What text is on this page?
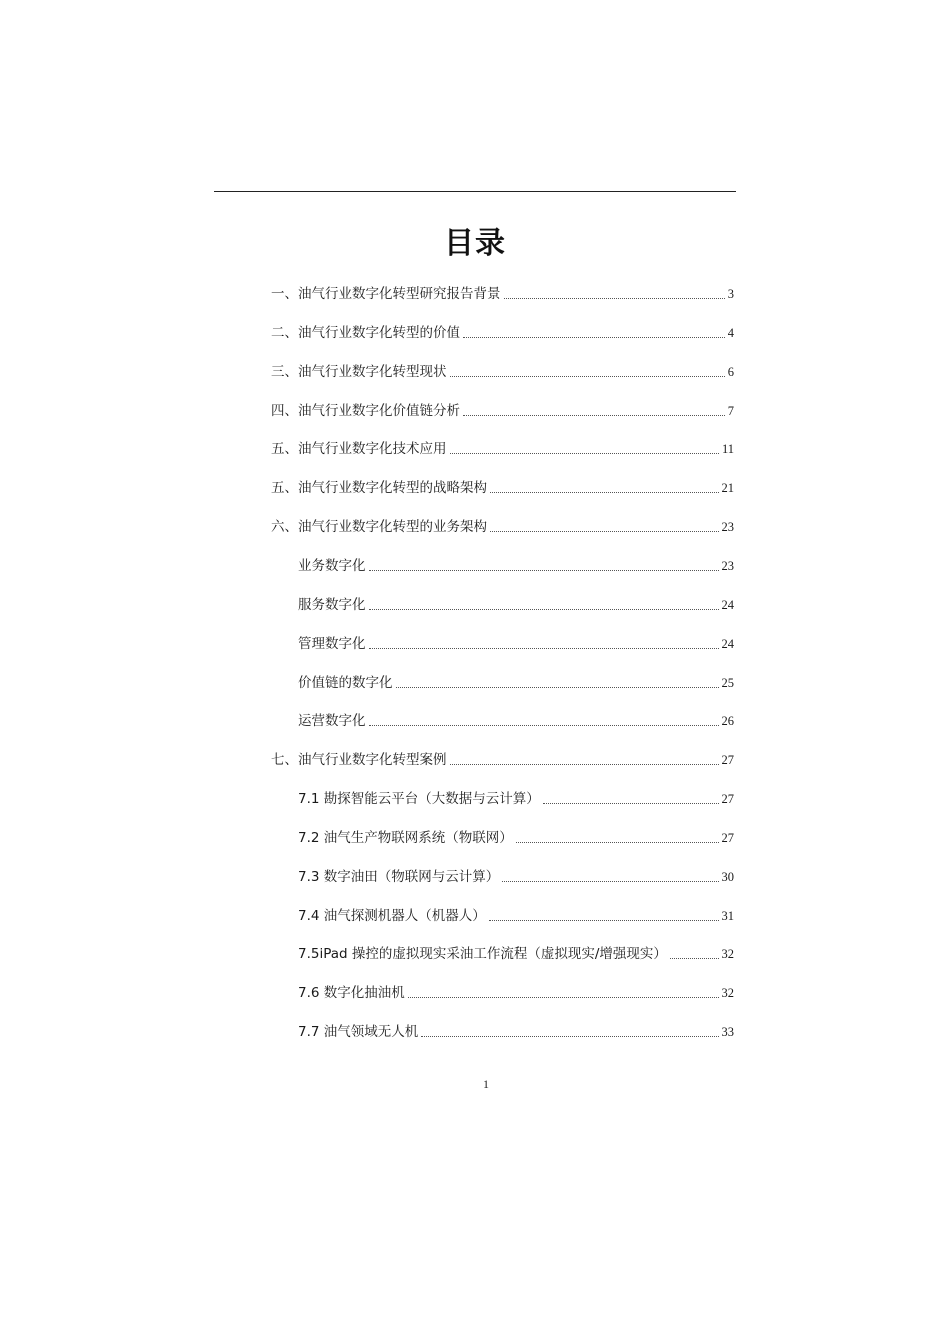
目录
一、油气行业数字化转型研究报告背景	3
二、油气行业数字化转型的价值	4
三、油气行业数字化转型现状	6
四、油气行业数字化价值链分析	7
五、油气行业数字化技术应用	11
五、油气行业数字化转型的战略架构	21
六、油气行业数字化转型的业务架构	23
业务数字化	23
服务数字化	24
管理数字化	24
价值链的数字化	25
运营数字化	26
七、油气行业数字化转型案例	27
7.1 勘探智能云平台（大数据与云计算）	27
7.2 油气生产物联网系统（物联网）	27
7.3 数字油田（物联网与云计算）	30
7.4 油气探测机器人（机器人）	31
7.5iPad 操控的虚拟现实采油工作流程（虚拟现实/增强现实）	32
7.6 数字化抽油机	32
7.7 油气领域无人机	33
1
